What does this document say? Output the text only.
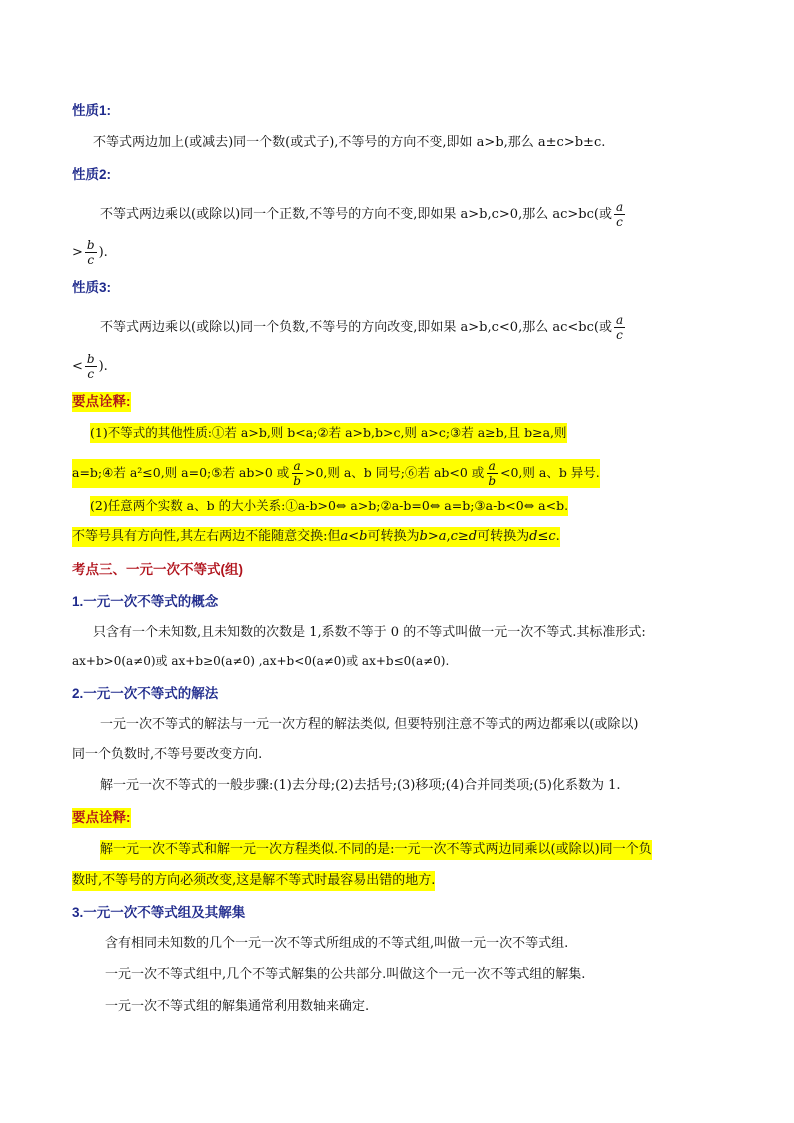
性质1:
不等式两边加上(或减去)同一个数(或式子),不等号的方向不变,即如 a>b,那么 a±c>b±c.
性质2:
不等式两边乘以(或除以)同一个正数,不等号的方向不变,即如果 a>b,c>0,那么 ac>bc(或 $\frac{a}{c}$
> $\frac{b}{c}$ ).
性质3:
不等式两边乘以(或除以)同一个负数,不等号的方向改变,即如果 a>b,c<0,那么 ac<bc(或 $\frac{a}{c}$
< $\frac{b}{c}$ ).
要点诠释:
(1)不等式的其他性质:①若 a>b,则 b<a;②若 a>b,b>c,则 a>c;③若 a≥b,且 b≥a,则
a=b;④若 a²≤0,则 a=0;⑤若 ab>0 或 $\frac{a}{b} >0$,则 a、b 同号;⑥若 ab<0 或 $\frac{a}{b} <0$,则 a、b 异号.
(2)任意两个实数 a、b 的大小关系:①a-b>0⇔ a>b;②a-b=0⇔ a=b;③a-b<0⇔ a<b.
不等号具有方向性,其左右两边不能随意交换:但a<b可转换为b>a,c≥d可转换为d≤c.
考点三、一元一次不等式(组)
1.一元一次不等式的概念
只含有一个未知数,且未知数的次数是 1,系数不等于 0 的不等式叫做一元一次不等式.其标准形式:
ax+b>0(a≠0)或 ax+b≥0(a≠0) ,ax+b<0(a≠0)或 ax+b≤0(a≠0).
2.一元一次不等式的解法
一元一次不等式的解法与一元一次方程的解法类似, 但要特别注意不等式的两边都乘以(或除以)
同一个负数时,不等号要改变方向.
解一元一次不等式的一般步骤:(1)去分母;(2)去括号;(3)移项;(4)合并同类项;(5)化系数为 1.
要点诠释:
解一元一次不等式和解一元一次方程类似.不同的是:一元一次不等式两边同乘以(或除以)同一个负
数时,不等号的方向必须改变,这是解不等式时最容易出错的地方.
3.一元一次不等式组及其解集
含有相同未知数的几个一元一次不等式所组成的不等式组,叫做一元一次不等式组.
一元一次不等式组中,几个不等式解集的公共部分.叫做这个一元一次不等式组的解集.
一元一次不等式组的解集通常利用数轴来确定.
